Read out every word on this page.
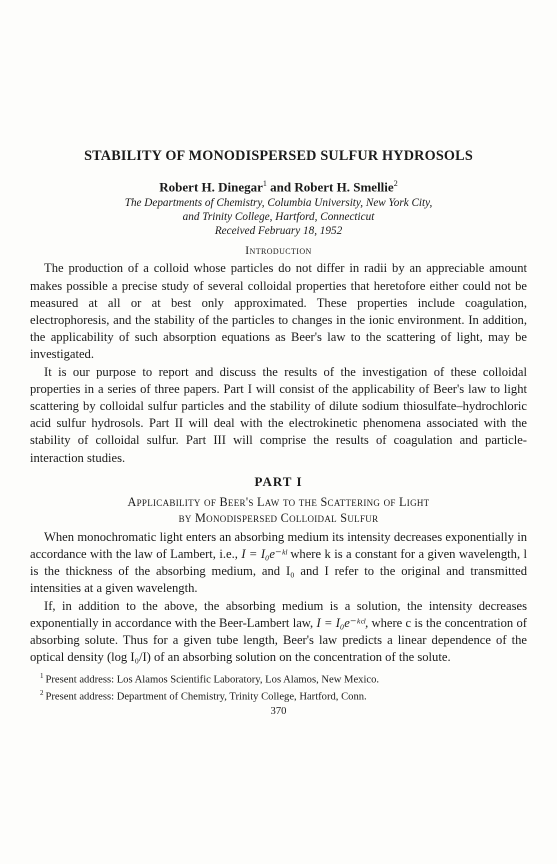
STABILITY OF MONODISPERSED SULFUR HYDROSOLS

Robert H. Dinegar$^1$ and Robert H. Smellie$^2$

The Departments of Chemistry, Columbia University, New York City,
and Trinity College, Hartford, Connecticut

Received February 18, 1952

Introduction

The production of a colloid whose particles do not differ in radii by an appreciable amount makes possible a precise study of several colloidal properties that heretofore either could not be measured at all or at best only approximated. These properties include coagulation, electrophoresis, and the stability of the particles to changes in the ionic environment. In addition, the applicability of such absorption equations as Beer's law to the scattering of light, may be investigated.

It is our purpose to report and discuss the results of the investigation of these colloidal properties in a series of three papers. Part I will consist of the applicability of Beer's law to light scattering by colloidal sulfur particles and the stability of dilute sodium thiosulfate–hydrochloric acid sulfur hydrosols. Part II will deal with the electrokinetic phenomena associated with the stability of colloidal sulfur. Part III will comprise the results of coagulation and particle-interaction studies.

PART I
Applicability of Beer's Law to the Scattering of Light
by Monodispersed Colloidal Sulfur

When monochromatic light enters an absorbing medium its intensity decreases exponentially in accordance with the law of Lambert, i.e., I = I₀e⁻ᵏˡ where k is a constant for a given wavelength, l is the thickness of the absorbing medium, and I₀ and I refer to the original and transmitted intensities at a given wavelength.

If, in addition to the above, the absorbing medium is a solution, the intensity decreases exponentially in accordance with the Beer-Lambert law, I = I₀e⁻ᵏᶜˡ, where c is the concentration of absorbing solute. Thus for a given tube length, Beer's law predicts a linear dependence of the optical density (log I₀/I) of an absorbing solution on the concentration of the solute.

$^1$ Present address: Los Alamos Scientific Laboratory, Los Alamos, New Mexico.
$^2$ Present address: Department of Chemistry, Trinity College, Hartford, Conn.
370
